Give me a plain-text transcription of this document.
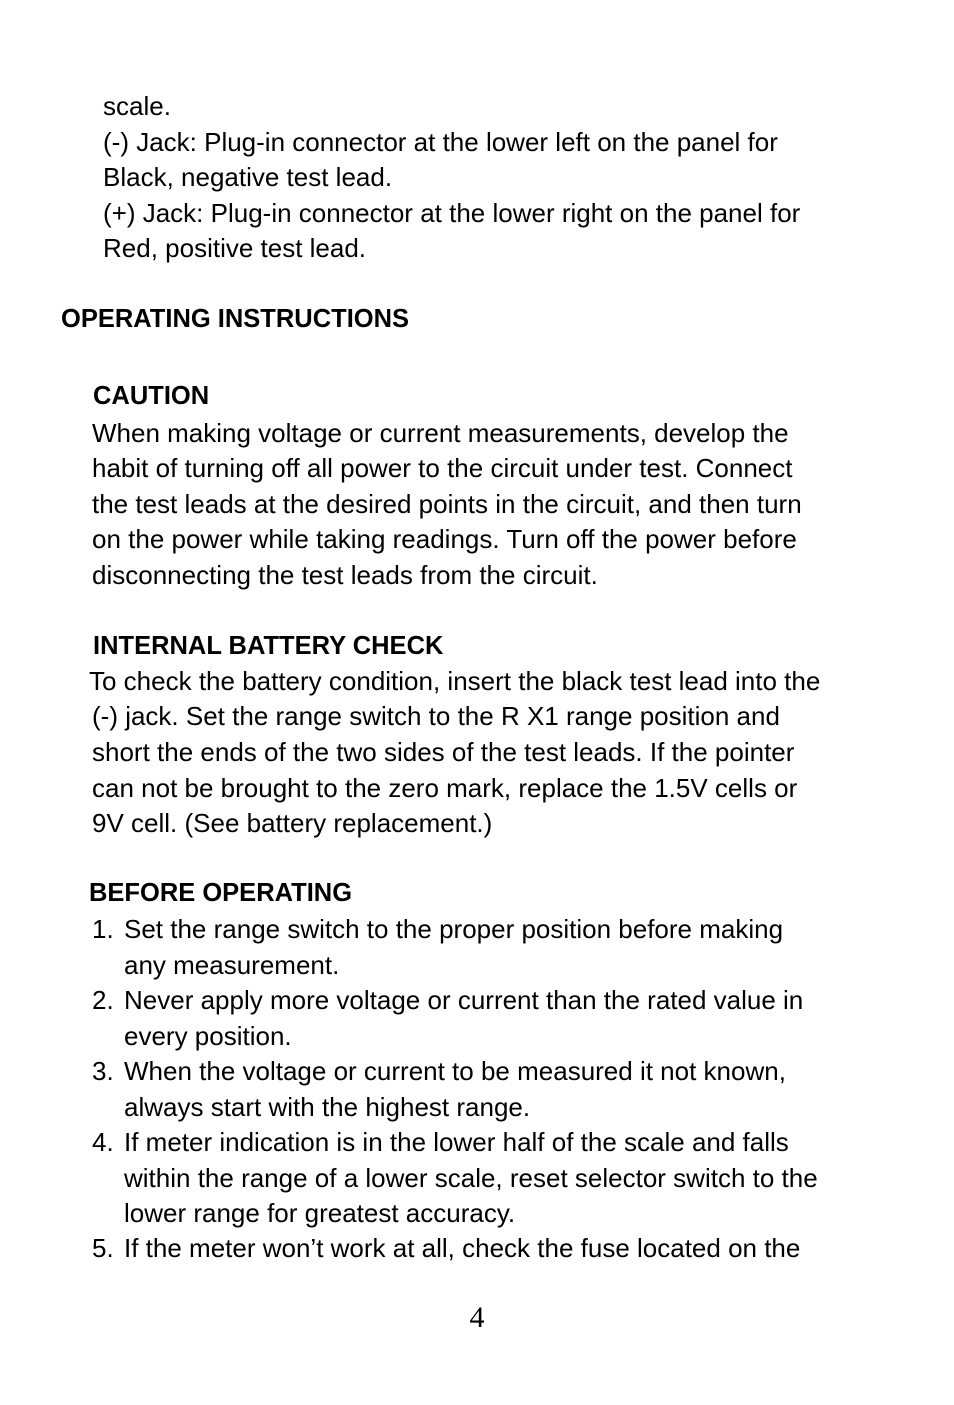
scale.
(-) Jack: Plug-in connector at the lower left on the panel for
Black, negative test lead.
(+) Jack: Plug-in connector at the lower right on the panel for
Red, positive test lead.
OPERATING INSTRUCTIONS
CAUTION
When making voltage or current measurements, develop the
habit of turning off all power to the circuit under test. Connect
the test leads at the desired points in the circuit, and then turn
on the power while taking readings. Turn off the power before
disconnecting the test leads from the circuit.
INTERNAL BATTERY CHECK
To check the battery condition, insert the black test lead into the
(-) jack. Set the range switch to the R X1 range position and
short the ends of the two sides of the test leads. If the pointer
can not be brought to the zero mark, replace the 1.5V cells or
9V cell. (See battery replacement.)
BEFORE OPERATING
1. Set the range switch to the proper position before making
any measurement.
2. Never apply more voltage or current than the rated value in
every position.
3. When the voltage or current to be measured it not known,
always start with the highest range.
4. If meter indication is in the lower half of the scale and falls
within the range of a lower scale, reset selector switch to the
lower range for greatest accuracy.
5. If the meter won’t work at all, check the fuse located on the
4
